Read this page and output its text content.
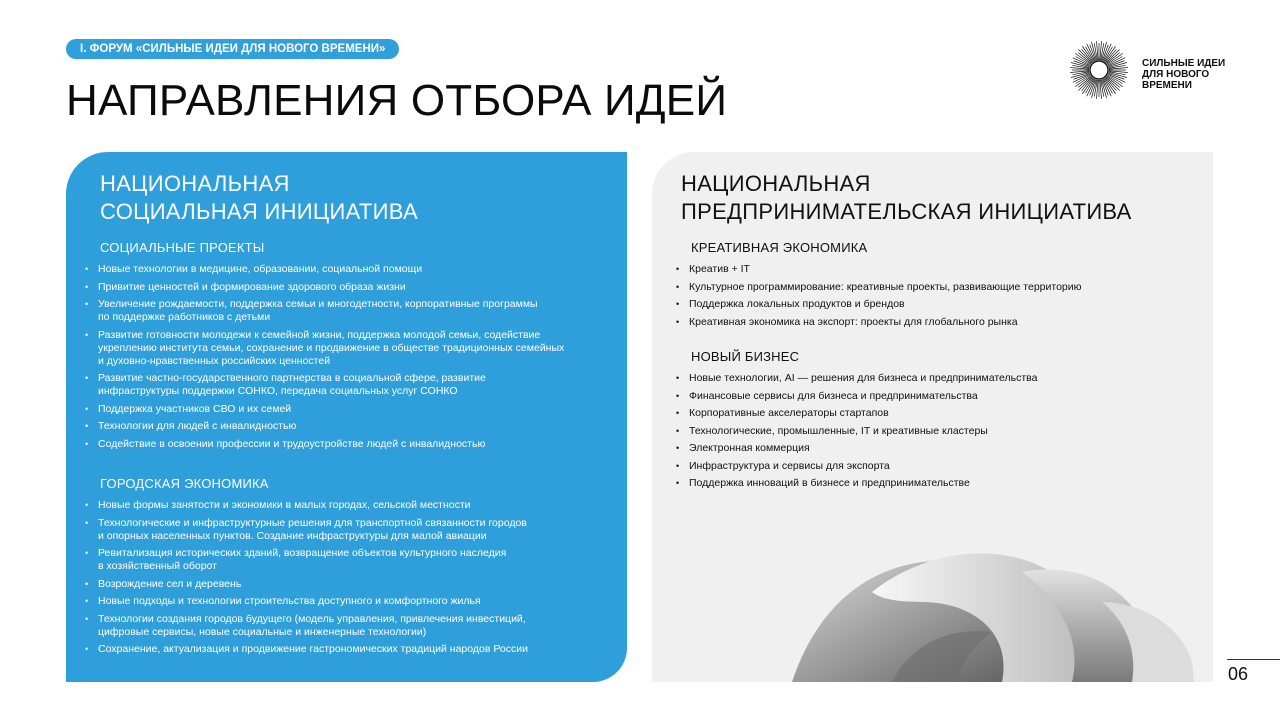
I. ФОРУМ «СИЛЬНЫЕ ИДЕИ ДЛЯ НОВОГО ВРЕМЕНИ»
НАПРАВЛЕНИЯ ОТБОРА ИДЕЙ
СИЛЬНЫЕ ИДЕИ
ДЛЯ НОВОГО
ВРЕМЕНИ
НАЦИОНАЛЬНАЯ
СОЦИАЛЬНАЯ ИНИЦИАТИВА
СОЦИАЛЬНЫЕ ПРОЕКТЫ
• Новые технологии в медицине, образовании, социальной помощи
• Привитие ценностей и формирование здорового образа жизни
• Увеличение рождаемости, поддержка семьи и многодетности, корпоративные программы
по поддержке работников с детьми
• Развитие готовности молодежи к семейной жизни, поддержка молодой семьи, содействие
укреплению института семьи, сохранение и продвижение в обществе традиционных семейных
и духовно-нравственных российских ценностей
• Развитие частно-государственного партнерства в социальной сфере, развитие
инфраструктуры поддержки СОНКО, передача социальных услуг СОНКО
• Поддержка участников СВО и их семей
• Технологии для людей с инвалидностью
• Содействие в освоении профессии и трудоустройстве людей с инвалидностью
ГОРОДСКАЯ ЭКОНОМИКА
• Новые формы занятости и экономики в малых городах, сельской местности
• Технологические и инфраструктурные решения для транспортной связанности городов
и опорных населенных пунктов. Создание инфраструктуры для малой авиации
• Ревитализация исторических зданий, возвращение объектов культурного наследия
в хозяйственный оборот
• Возрождение сел и деревень
• Новые подходы и технологии строительства доступного и комфортного жилья
• Технологии создания городов будущего (модель управления, привлечения инвестиций,
цифровые сервисы, новые социальные и инженерные технологии)
• Сохранение, актуализация и продвижение гастрономических традиций народов России
НАЦИОНАЛЬНАЯ
ПРЕДПРИНИМАТЕЛЬСКАЯ ИНИЦИАТИВА
КРЕАТИВНАЯ ЭКОНОМИКА
• Креатив + IT
• Культурное программирование: креативные проекты, развивающие территорию
• Поддержка локальных продуктов и брендов
• Креативная экономика на экспорт: проекты для глобального рынка
НОВЫЙ БИЗНЕС
• Новые технологии, AI — решения для бизнеса и предпринимательства
• Финансовые сервисы для бизнеса и предпринимательства
• Корпоративные акселераторы стартапов
• Технологические, промышленные, IT и креативные кластеры
• Электронная коммерция
• Инфраструктура и сервисы для экспорта
• Поддержка инноваций в бизнесе и предпринимательстве
06
